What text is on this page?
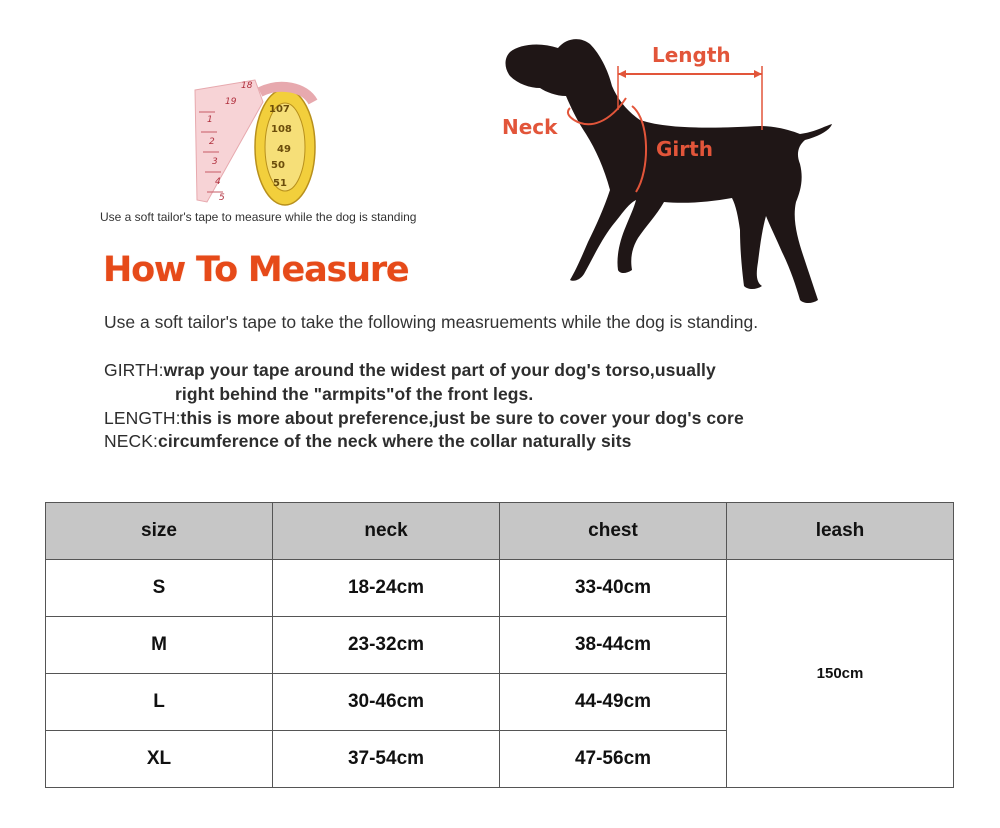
18
19
1
2
3
4
5
107
108
49
50
51
Use a soft tailor's tape to measure while the dog is standing
Length
Neck
Girth
How To Measure
Use a soft tailor's tape to take the following measruements while the dog is standing.
GIRTH:wrap your tape around the widest part of your dog's torso,usually
right behind the "armpits"of the front legs.
LENGTH:this is more about preference,just be sure to cover your dog's core
NECK:circumference of the neck where the collar naturally sits
size	neck	chest	leash
S	18-24cm	33-40cm	150cm
M	23-32cm	38-44cm	
L	30-46cm	44-49cm	
XL	37-54cm	47-56cm	
